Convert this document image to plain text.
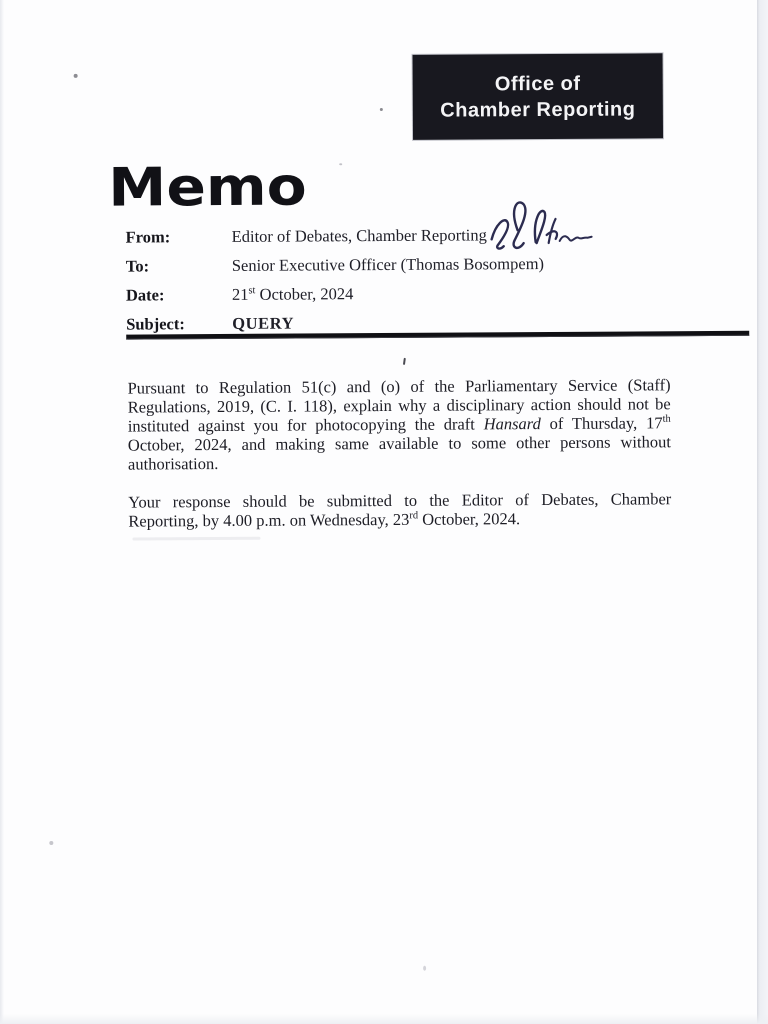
Office of
Chamber Reporting
Memo
From:	Editor of Debates, Chamber Reporting
To:	Senior Executive Officer (Thomas Bosompem)
Date:	21st October, 2024
Subject:	QUERY
Pursuant to Regulation 51(c) and (o) of the Parliamentary Service (Staff)
Regulations, 2019, (C. I. 118), explain why a disciplinary action should not be
instituted against you for photocopying the draft Hansard of Thursday, 17th
October, 2024, and making same available to some other persons without
authorisation.
Your response should be submitted to the Editor of Debates, Chamber
Reporting, by 4.00 p.m. on Wednesday, 23rd October, 2024.
